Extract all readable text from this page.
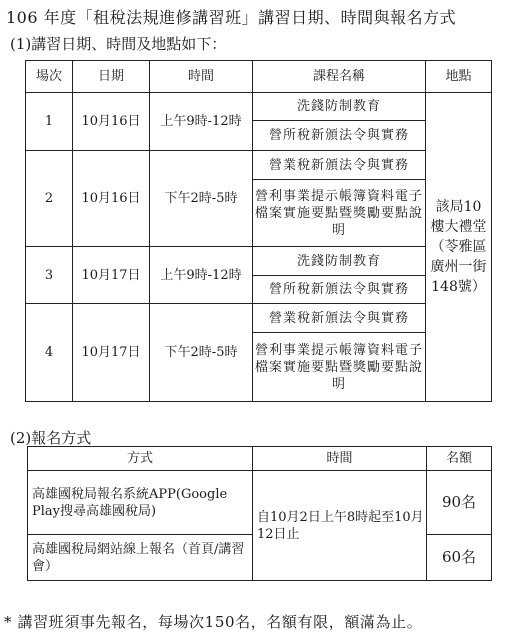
106 年度「租稅法規進修講習班」講習日期、時間與報名方式
(1)講習日期、時間及地點如下：
場次	日期	時間	課程名稱	地點
1	10月16日	上午9時-12時	洗錢防制教育	該局10樓大禮堂（苓雅區廣州一街148號）
			營所稅新頒法令與實務	
2	10月16日	下午2時-5時	營業稅新頒法令與實務	
			營利事業提示帳簿資料電子檔案實施要點暨獎勵要點說明	
3	10月17日	上午9時-12時	洗錢防制教育	
			營所稅新頒法令與實務	
4	10月17日	下午2時-5時	營業稅新頒法令與實務	
			營利事業提示帳簿資料電子檔案實施要點暨獎勵要點說明	
(2)報名方式
方式	時間	名額
高雄國稅局報名系統APP(Google Play搜尋高雄國稅局)	自10月2日上午8時起至10月12日止	90名
高雄國稅局網站線上報名（首頁/講習會）		60名
* 講習班須事先報名，每場次150名，名額有限，額滿為止。
